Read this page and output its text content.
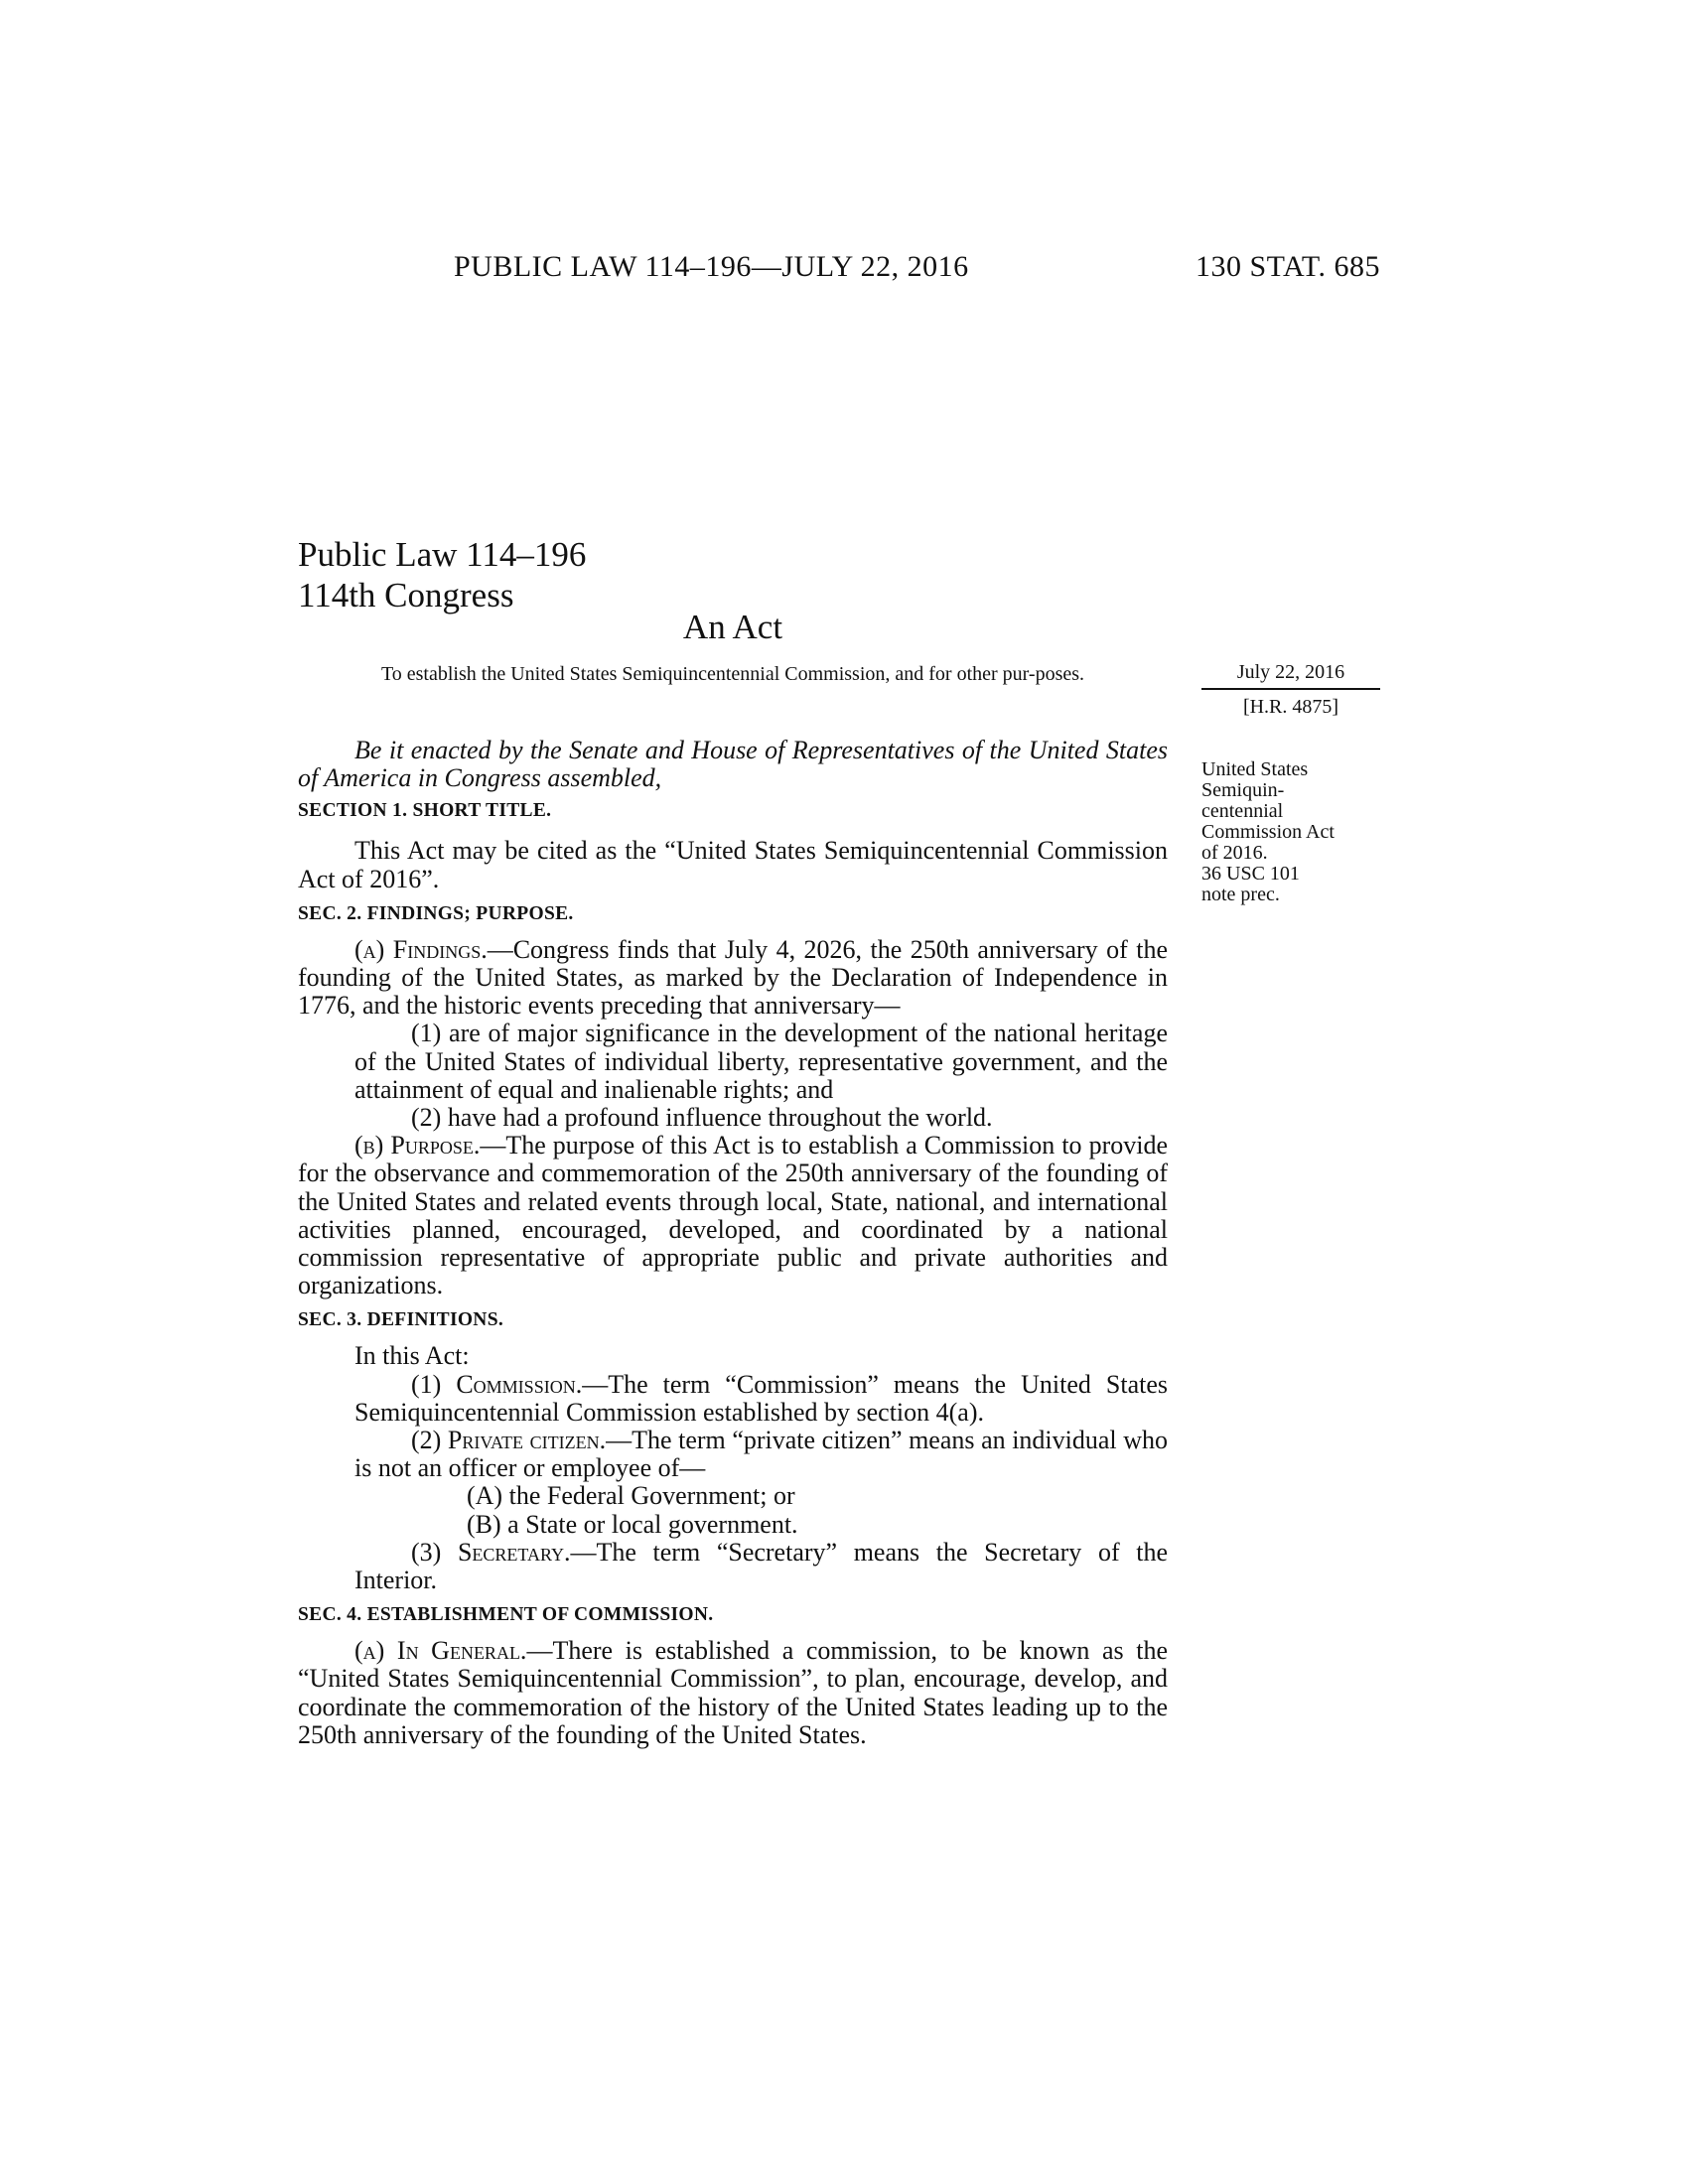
PUBLIC LAW 114–196—JULY 22, 2016	130 STAT. 685
Public Law 114–196
114th Congress
An Act
To establish the United States Semiquincentennial Commission, and for other pur-poses.	July 22, 2016
[H.R. 4875]
United States
Semiquin-
centennial
Commission Act
of 2016.
36 USC 101
note prec.

Be it enacted by the Senate and House of Representatives of the United States of America in Congress assembled,

SECTION 1. SHORT TITLE.

This Act may be cited as the “United States Semiquincentennial Commission Act of 2016”.

SEC. 2. FINDINGS; PURPOSE.

(a) Findings.—Congress finds that July 4, 2026, the 250th anniversary of the founding of the United States, as marked by the Declaration of Independence in 1776, and the historic events preceding that anniversary—

(1) are of major significance in the development of the national heritage of the United States of individual liberty, representative government, and the attainment of equal and inalienable rights; and

(2) have had a profound influence throughout the world.

(b) Purpose.—The purpose of this Act is to establish a Commission to provide for the observance and commemoration of the 250th anniversary of the founding of the United States and related events through local, State, national, and international activities planned, encouraged, developed, and coordinated by a national commission representative of appropriate public and private authorities and organizations.

SEC. 3. DEFINITIONS.

In this Act:

(1) Commission.—The term “Commission” means the United States Semiquincentennial Commission established by section 4(a).

(2) Private citizen.—The term “private citizen” means an individual who is not an officer or employee of—

(A) the Federal Government; or

(B) a State or local government.

(3) Secretary.—The term “Secretary” means the Secretary of the Interior.

SEC. 4. ESTABLISHMENT OF COMMISSION.

(a) In General.—There is established a commission, to be known as the “United States Semiquincentennial Commission”, to plan, encourage, develop, and coordinate the commemoration of the history of the United States leading up to the 250th anniversary of the founding of the United States.
